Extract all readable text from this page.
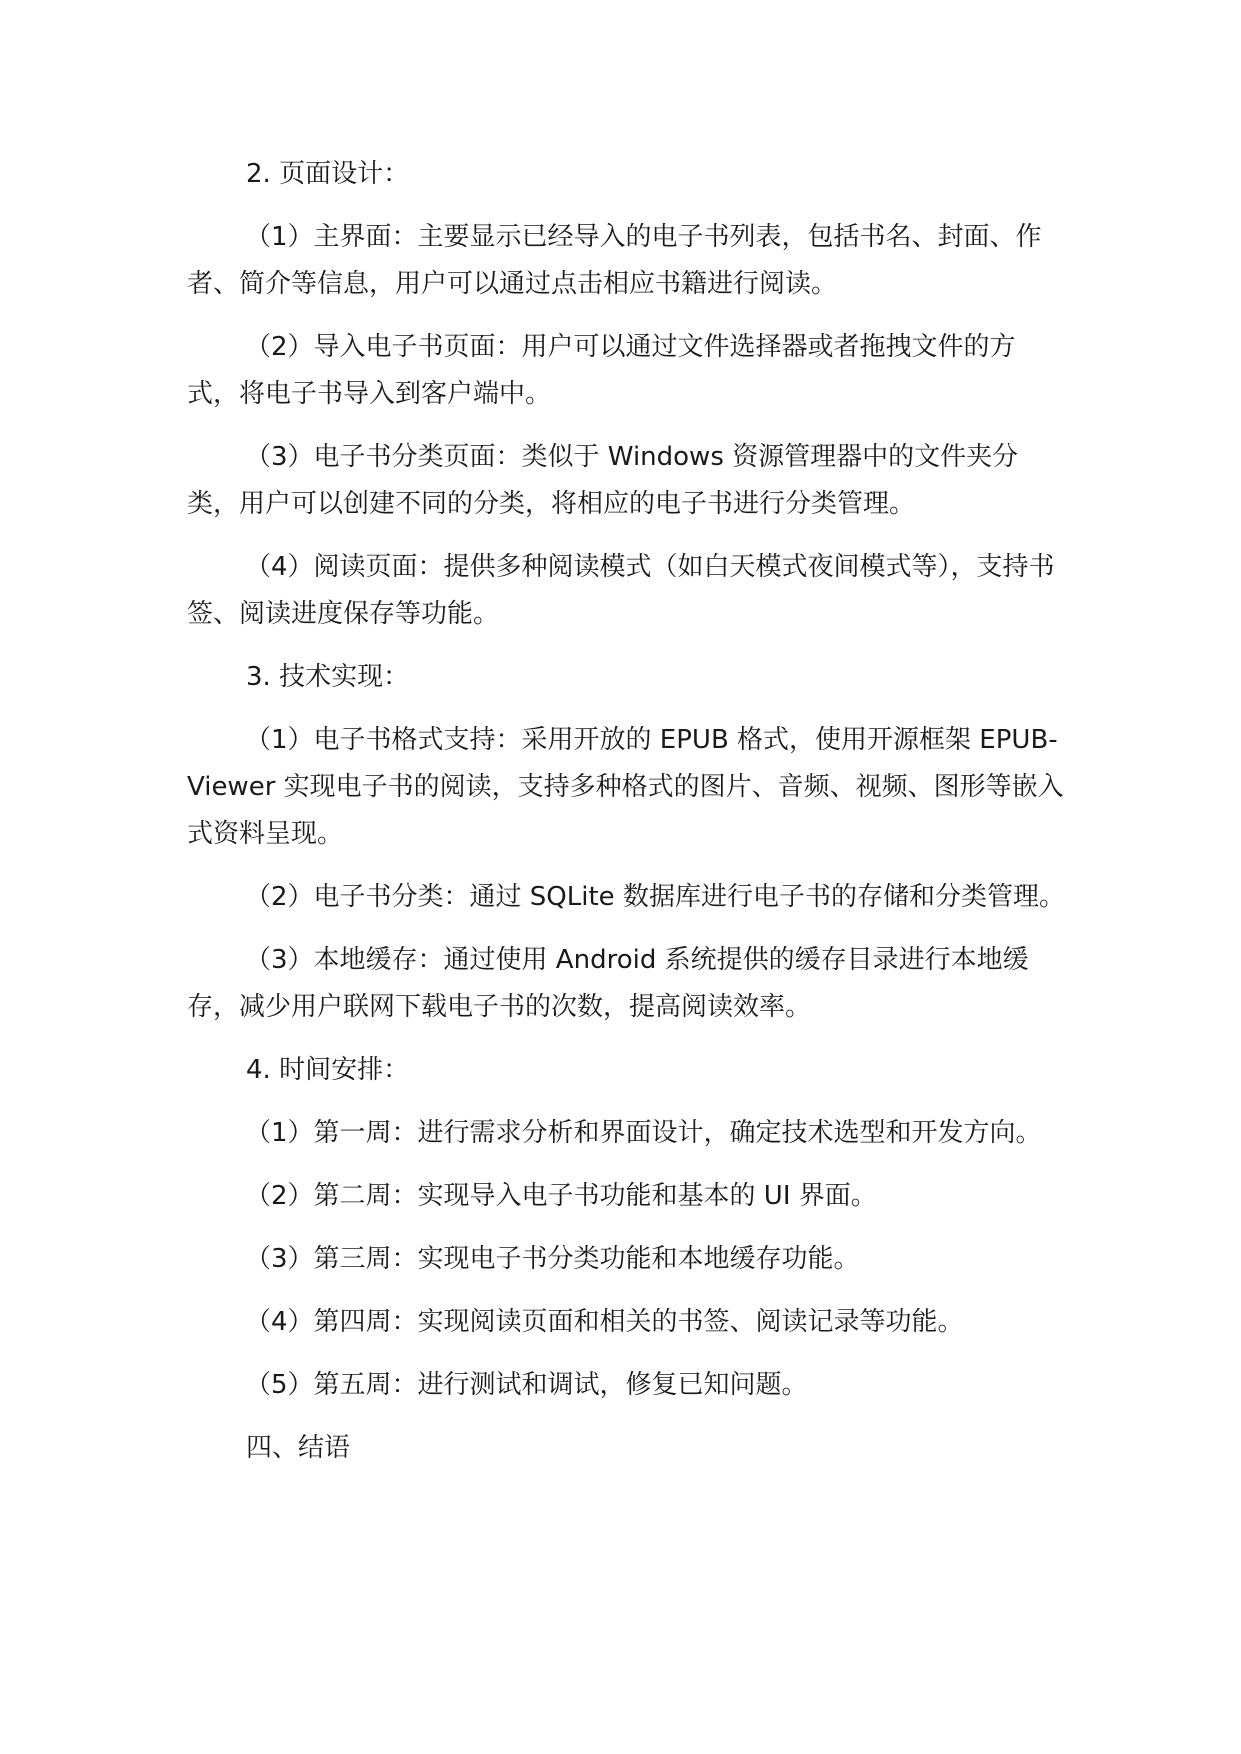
2. 页面设计：

（1）主界面：主要显示已经导入的电子书列表，包括书名、封面、作者、简介等信息，用户可以通过点击相应书籍进行阅读。

（2）导入电子书页面：用户可以通过文件选择器或者拖拽文件的方式，将电子书导入到客户端中。

（3）电子书分类页面：类似于 Windows 资源管理器中的文件夹分类，用户可以创建不同的分类，将相应的电子书进行分类管理。

（4）阅读页面：提供多种阅读模式（如白天模式夜间模式等），支持书签、阅读进度保存等功能。

3. 技术实现：

（1）电子书格式支持：采用开放的 EPUB 格式，使用开源框架 EPUB-Viewer 实现电子书的阅读，支持多种格式的图片、音频、视频、图形等嵌入式资料呈现。

（2）电子书分类：通过 SQLite 数据库进行电子书的存储和分类管理。

（3）本地缓存：通过使用 Android 系统提供的缓存目录进行本地缓存，减少用户联网下载电子书的次数，提高阅读效率。

4. 时间安排：

（1）第一周：进行需求分析和界面设计，确定技术选型和开发方向。

（2）第二周：实现导入电子书功能和基本的 UI 界面。

（3）第三周：实现电子书分类功能和本地缓存功能。

（4）第四周：实现阅读页面和相关的书签、阅读记录等功能。

（5）第五周：进行测试和调试，修复已知问题。

四、结语
